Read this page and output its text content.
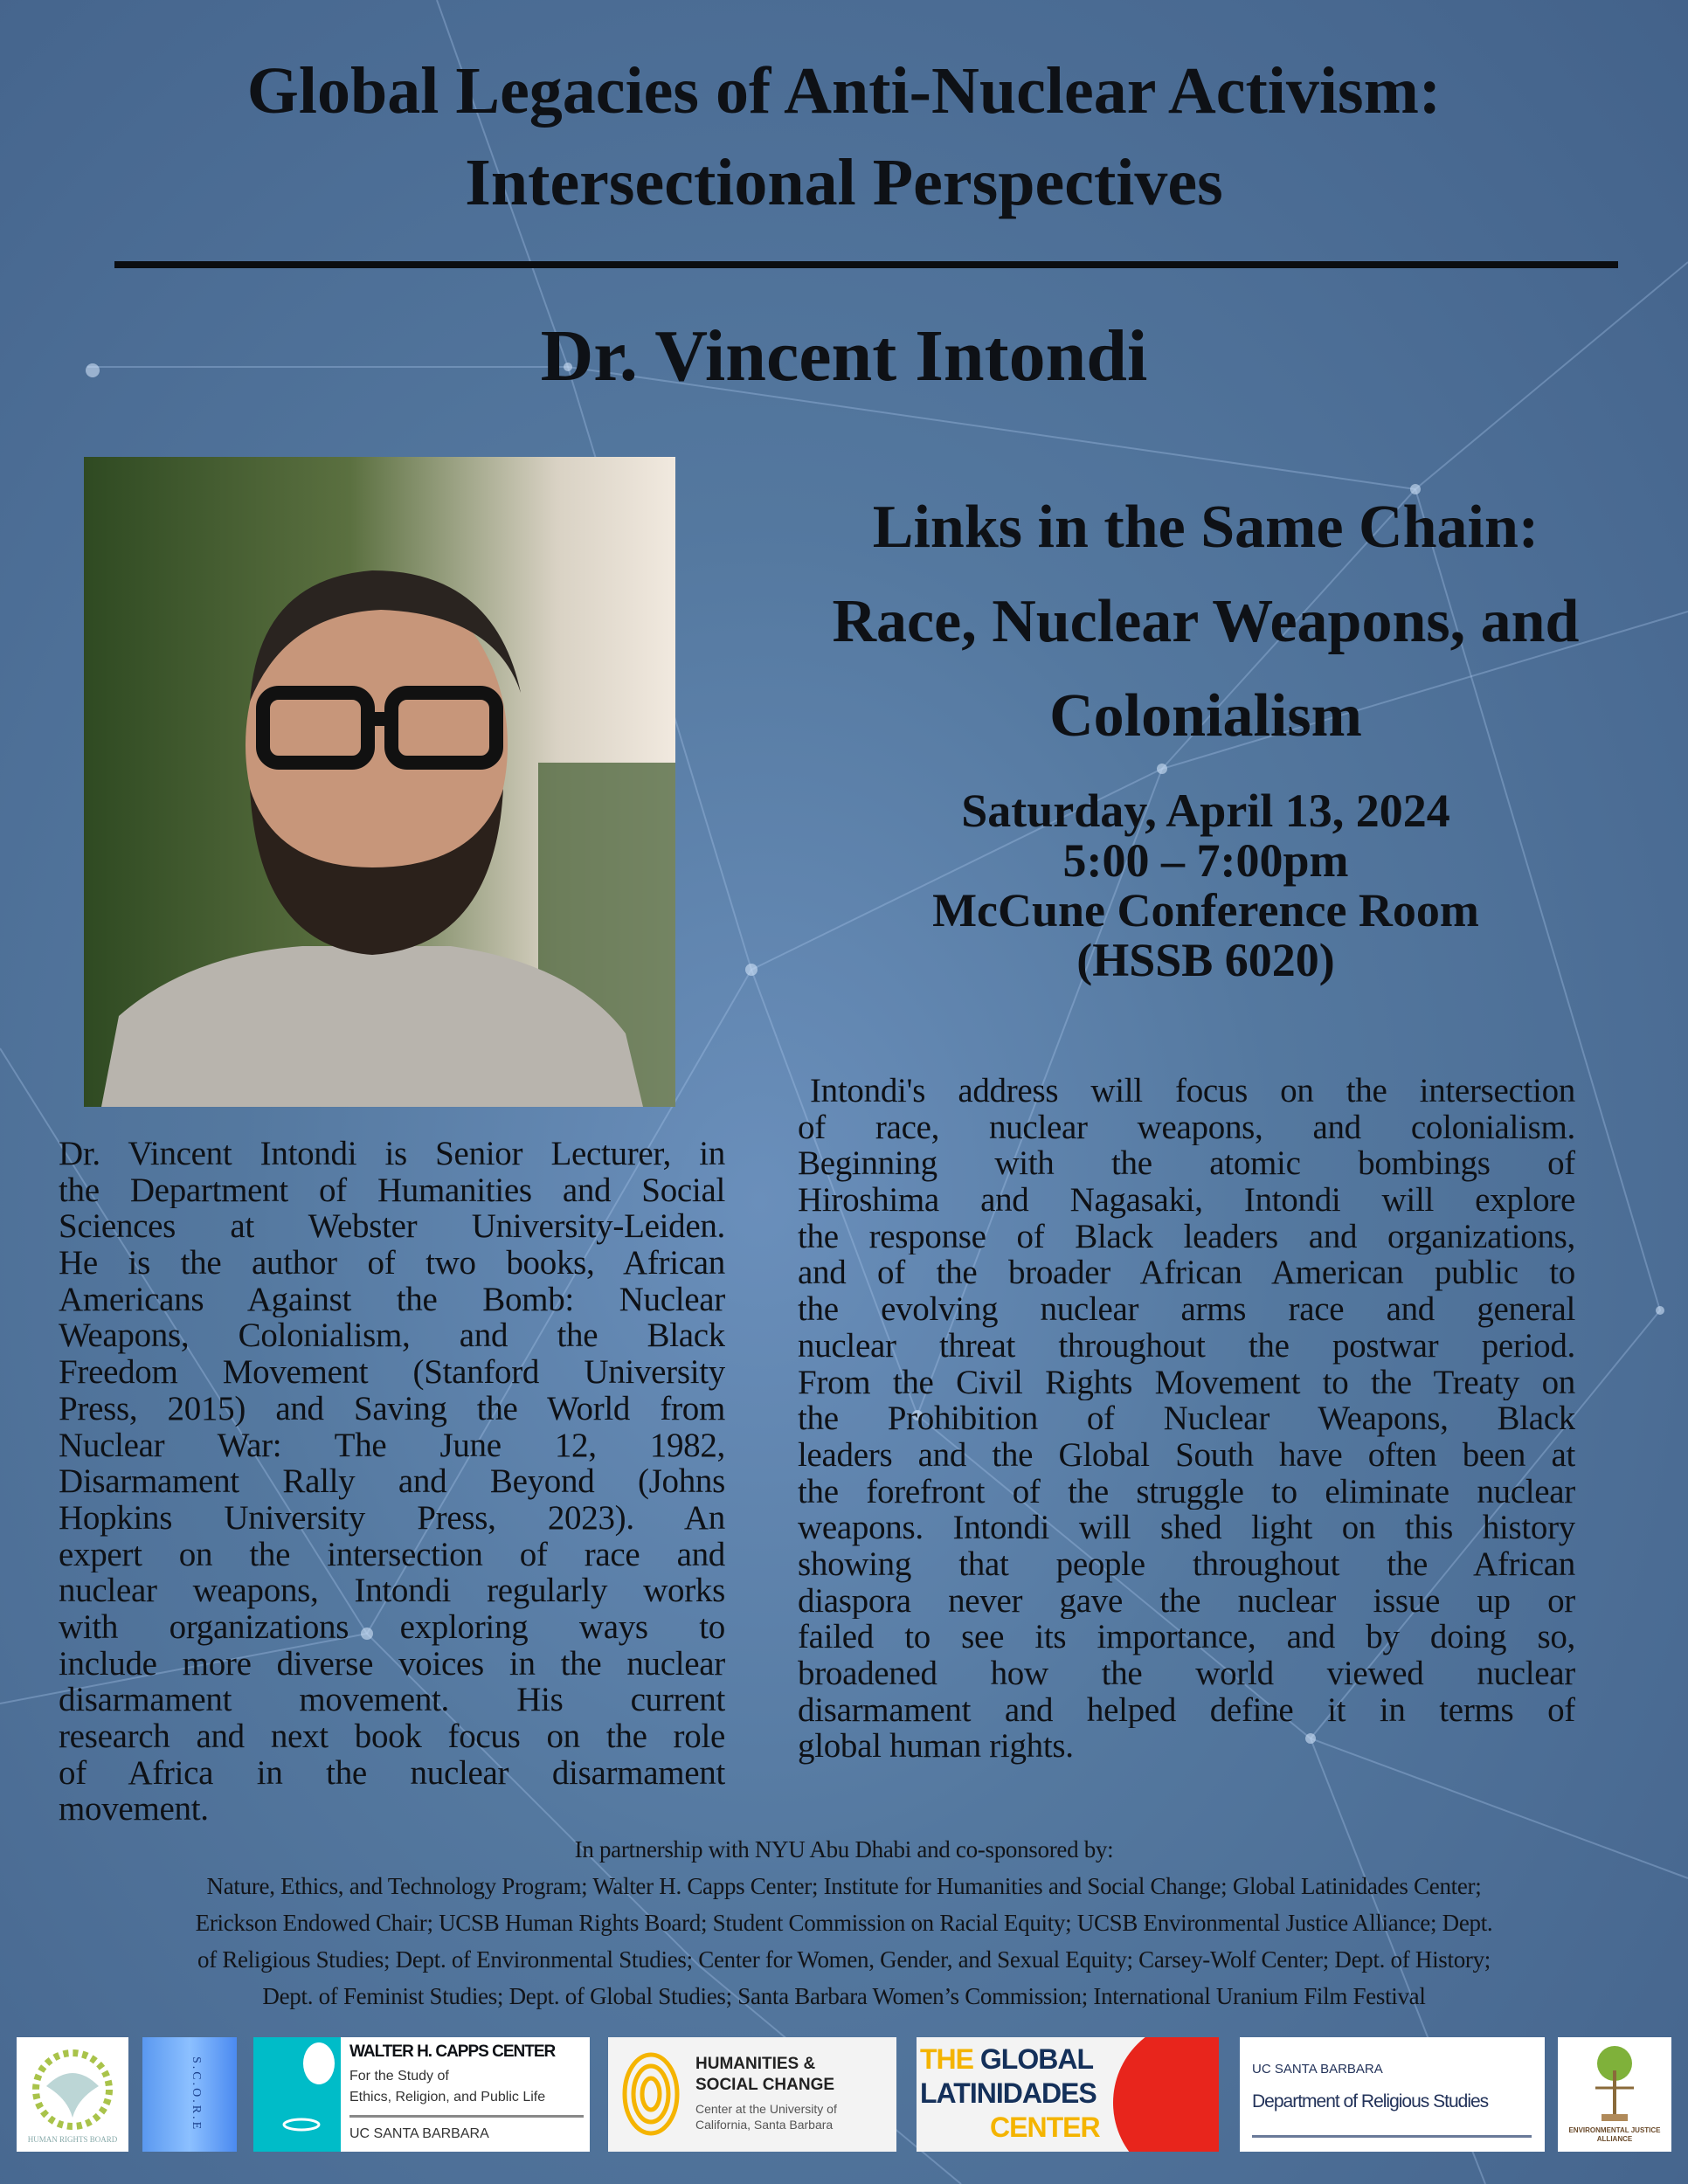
Global Legacies of Anti-Nuclear Activism:
Intersectional Perspectives
Dr. Vincent Intondi
Links in the Same Chain:
Race, Nuclear Weapons, and
Colonialism
Saturday, April 13, 2024
5:00 – 7:00pm
McCune Conference Room
(HSSB 6020)
Dr. Vincent Intondi is Senior Lecturer, in
the Department of Humanities and Social
Sciences at Webster University-Leiden.
He is the author of two books, African
Americans Against the Bomb: Nuclear
Weapons, Colonialism, and the Black
Freedom Movement (Stanford University
Press, 2015) and Saving the World from
Nuclear War: The June 12, 1982,
Disarmament Rally and Beyond (Johns
Hopkins University Press, 2023). An
expert on the intersection of race and
nuclear weapons, Intondi regularly works
with organizations exploring ways to
include more diverse voices in the nuclear
disarmament movement. His current
research and next book focus on the role
of Africa in the nuclear disarmament
movement.
Intondi's address will focus on the intersection
of race, nuclear weapons, and colonialism.
Beginning with the atomic bombings of
Hiroshima and Nagasaki, Intondi will explore
the response of Black leaders and organizations,
and of the broader African American public to
the evolving nuclear arms race and general
nuclear threat throughout the postwar period.
From the Civil Rights Movement to the Treaty on
the Prohibition of Nuclear Weapons, Black
leaders and the Global South have often been at
the forefront of the struggle to eliminate nuclear
weapons. Intondi will shed light on this history
showing that people throughout the African
diaspora never gave the nuclear issue up or
failed to see its importance, and by doing so,
broadened how the world viewed nuclear
disarmament and helped define it in terms of
global human rights.
In partnership with NYU Abu Dhabi and co-sponsored by:
Nature, Ethics, and Technology Program; Walter H. Capps Center; Institute for Humanities and Social Change; Global Latinidades Center;
Erickson Endowed Chair; UCSB Human Rights Board; Student Commission on Racial Equity; UCSB Environmental Justice Alliance; Dept.
of Religious Studies; Dept. of Environmental Studies; Center for Women, Gender, and Sexual Equity; Carsey-Wolf Center; Dept. of History;
Dept. of Feminist Studies; Dept. of Global Studies; Santa Barbara Women’s Commission; International Uranium Film Festival
HUMAN RIGHTS BOARD
S.C.O.R.E
WALTER H. CAPPS CENTER
For the Study of
Ethics, Religion, and Public Life
UC SANTA BARBARA
HUMANITIES &
SOCIAL CHANGE
Center at the University of
California, Santa Barbara
THE GLOBAL
LATINIDADES
CENTER
UC SANTA BARBARA
Department of Religious Studies
ENVIRONMENTAL JUSTICE ALLIANCE
